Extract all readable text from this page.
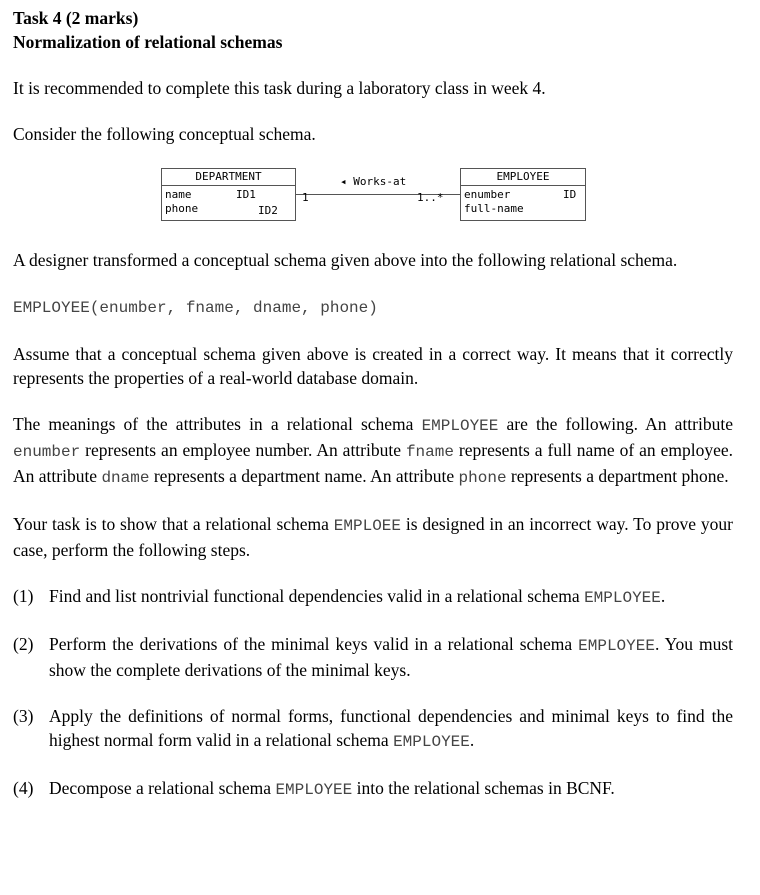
Task 4 (2 marks)

Normalization of relational schemas

It is recommended to complete this task during a laboratory class in week 4.

Consider the following conceptual schema.

DEPARTMENT
name	ID1
phone	ID2
◂ Works-at
1	1..*
EMPLOYEE
enumber	ID
full-name

A designer transformed a conceptual schema given above into the following relational schema.

EMPLOYEE(enumber, fname, dname, phone)

Assume that a conceptual schema given above is created in a correct way. It means that it correctly represents the properties of a real-world database domain.

The meanings of the attributes in a relational schema EMPLOYEE are the following. An attribute enumber represents an employee number. An attribute fname represents a full name of an employee. An attribute dname represents a department name. An attribute phone represents a department phone.

Your task is to show that a relational schema EMPLOEE is designed in an incorrect way. To prove your case, perform the following steps.

(1) Find and list nontrivial functional dependencies valid in a relational schema EMPLOYEE.
(2) Perform the derivations of the minimal keys valid in a relational schema EMPLOYEE. You must show the complete derivations of the minimal keys.
(3) Apply the definitions of normal forms, functional dependencies and minimal keys to find the highest normal form valid in a relational schema EMPLOYEE.
(4) Decompose a relational schema EMPLOYEE into the relational schemas in BCNF.
